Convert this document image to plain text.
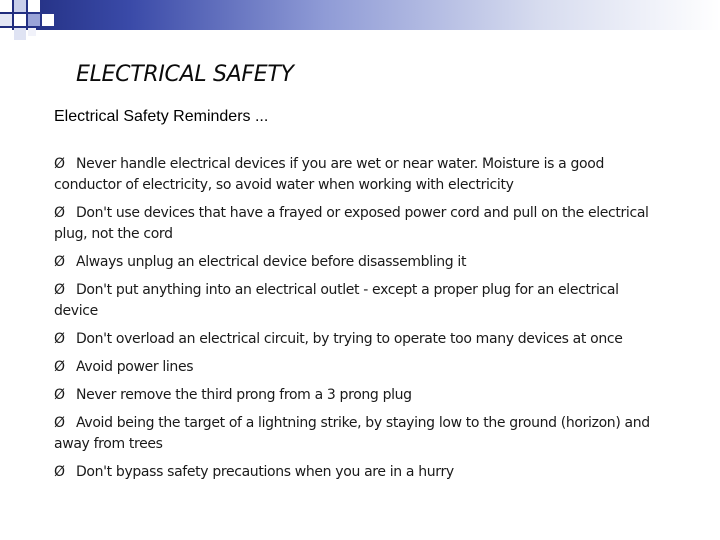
ELECTRICAL SAFETY
Electrical Safety Reminders ...
Ø Never handle electrical devices if you are wet or near water. Moisture is a good conductor of electricity, so avoid water when working with electricity
Ø Don't use devices that have a frayed or exposed power cord and pull on the electrical plug, not the cord
Ø Always unplug an electrical device before disassembling it
Ø Don't put anything into an electrical outlet - except a proper plug for an electrical device
Ø Don't overload an electrical circuit, by trying to operate too many devices at once
Ø Avoid power lines
Ø Never remove the third prong from a 3 prong plug
Ø Avoid being the target of a lightning strike, by staying low to the ground (horizon) and away from trees
Ø Don't bypass safety precautions when you are in a hurry
